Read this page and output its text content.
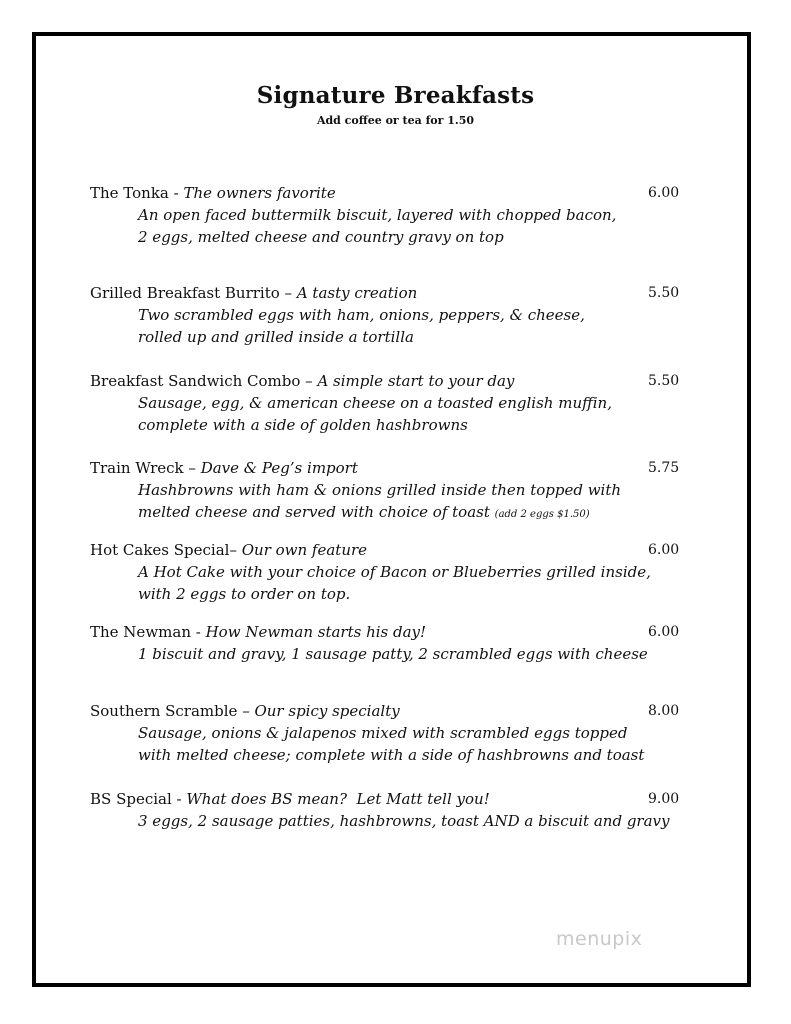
Signature Breakfasts
Add coffee or tea for 1.50
The Tonka - The owners favorite	6.00
An open faced buttermilk biscuit, layered with chopped bacon,
2 eggs, melted cheese and country gravy on top
Grilled Breakfast Burrito – A tasty creation	5.50
Two scrambled eggs with ham, onions, peppers, & cheese,
rolled up and grilled inside a tortilla
Breakfast Sandwich Combo – A simple start to your day	5.50
Sausage, egg, & american cheese on a toasted english muffin,
complete with a side of golden hashbrowns
Train Wreck – Dave & Peg’s import	5.75
Hashbrowns with ham & onions grilled inside then topped with
melted cheese and served with choice of toast (add 2 eggs $1.50)
Hot Cakes Special– Our own feature	6.00
A Hot Cake with your choice of Bacon or Blueberries grilled inside,
with 2 eggs to order on top.
The Newman - How Newman starts his day!	6.00
1 biscuit and gravy, 1 sausage patty, 2 scrambled eggs with cheese
Southern Scramble – Our spicy specialty	8.00
Sausage, onions & jalapenos mixed with scrambled eggs topped
with melted cheese; complete with a side of hashbrowns and toast
BS Special - What does BS mean?  Let Matt tell you!	9.00
3 eggs, 2 sausage patties, hashbrowns, toast AND a biscuit and gravy
menupix
